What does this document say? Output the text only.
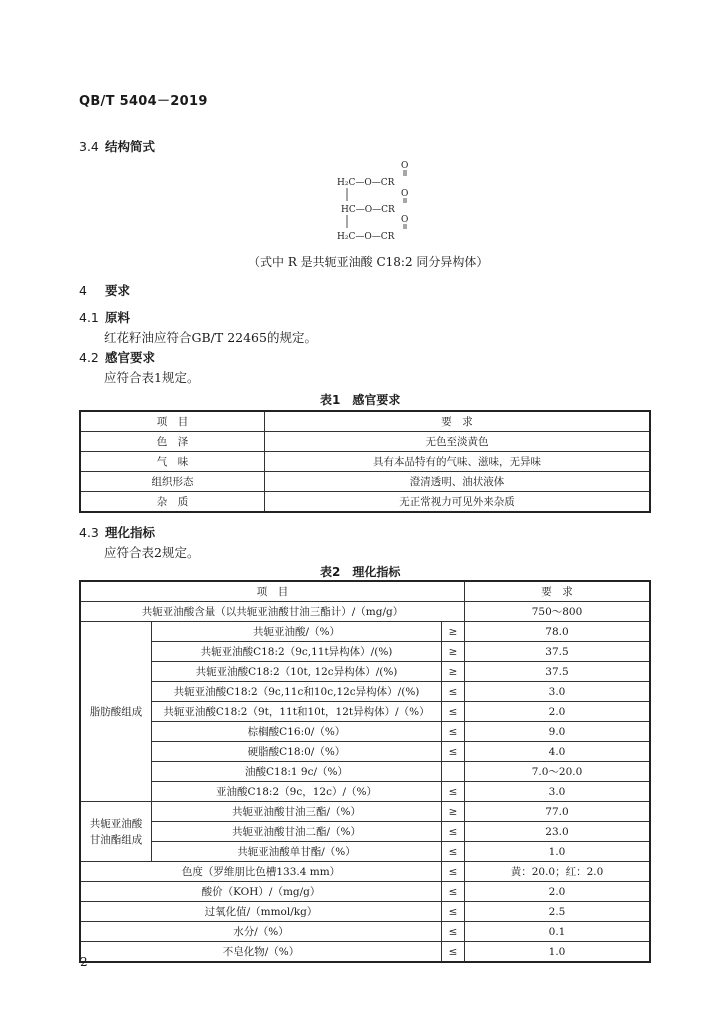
QB/T 5404－2019
3.4 结构简式
O
H₂C—O—CR
O
HC—O—CR
O
H₂C—O—CR
（式中 R 是共轭亚油酸 C18:2 同分异构体）
4 要求
4.1 原料
红花籽油应符合GB/T 22465的规定。
4.2 感官要求
应符合表1规定。
表1　感官要求
项　目	要　求
色　泽	无色至淡黄色
气　味	具有本品特有的气味、滋味，无异味
组织形态	澄清透明、油状液体
杂　质	无正常视力可见外来杂质
4.3 理化指标
应符合表2规定。
表2　理化指标
项　目			要　求
共轭亚油酸含量（以共轭亚油酸甘油三酯计）/（mg/g）			750～800
脂肪酸组成	共轭亚油酸/（%）	≥	78.0
	共轭亚油酸C18:2（9c,11t异构体）/(%)	≥	37.5
	共轭亚油酸C18:2（10t, 12c异构体）/(%)	≥	37.5
	共轭亚油酸C18:2（9c,11c和10c,12c异构体）/(%)	≤	3.0
	共轭亚油酸C18:2（9t，11t和10t，12t异构体）/（%）	≤	2.0
	棕榈酸C16:0/（%）	≤	9.0
	硬脂酸C18:0/（%）	≤	4.0
	油酸C18:1 9c/（%）		7.0～20.0
	亚油酸C18:2（9c，12c）/（%）	≤	3.0

共轭亚油酸
甘油酯组成	共轭亚油酸甘油三酯/（%）	≥	77.0
	共轭亚油酸甘油二酯/（%）	≤	23.0
	共轭亚油酸单甘酯/（%）	≤	1.0
色度（罗维朋比色槽133.4 mm）		≤	黄：20.0；红：2.0
酸价（KOH）/（mg/g）		≤	2.0
过氧化值/（mmol/kg）		≤	2.5
水分/（%）		≤	0.1
不皂化物/（%）		≤	1.0
2
